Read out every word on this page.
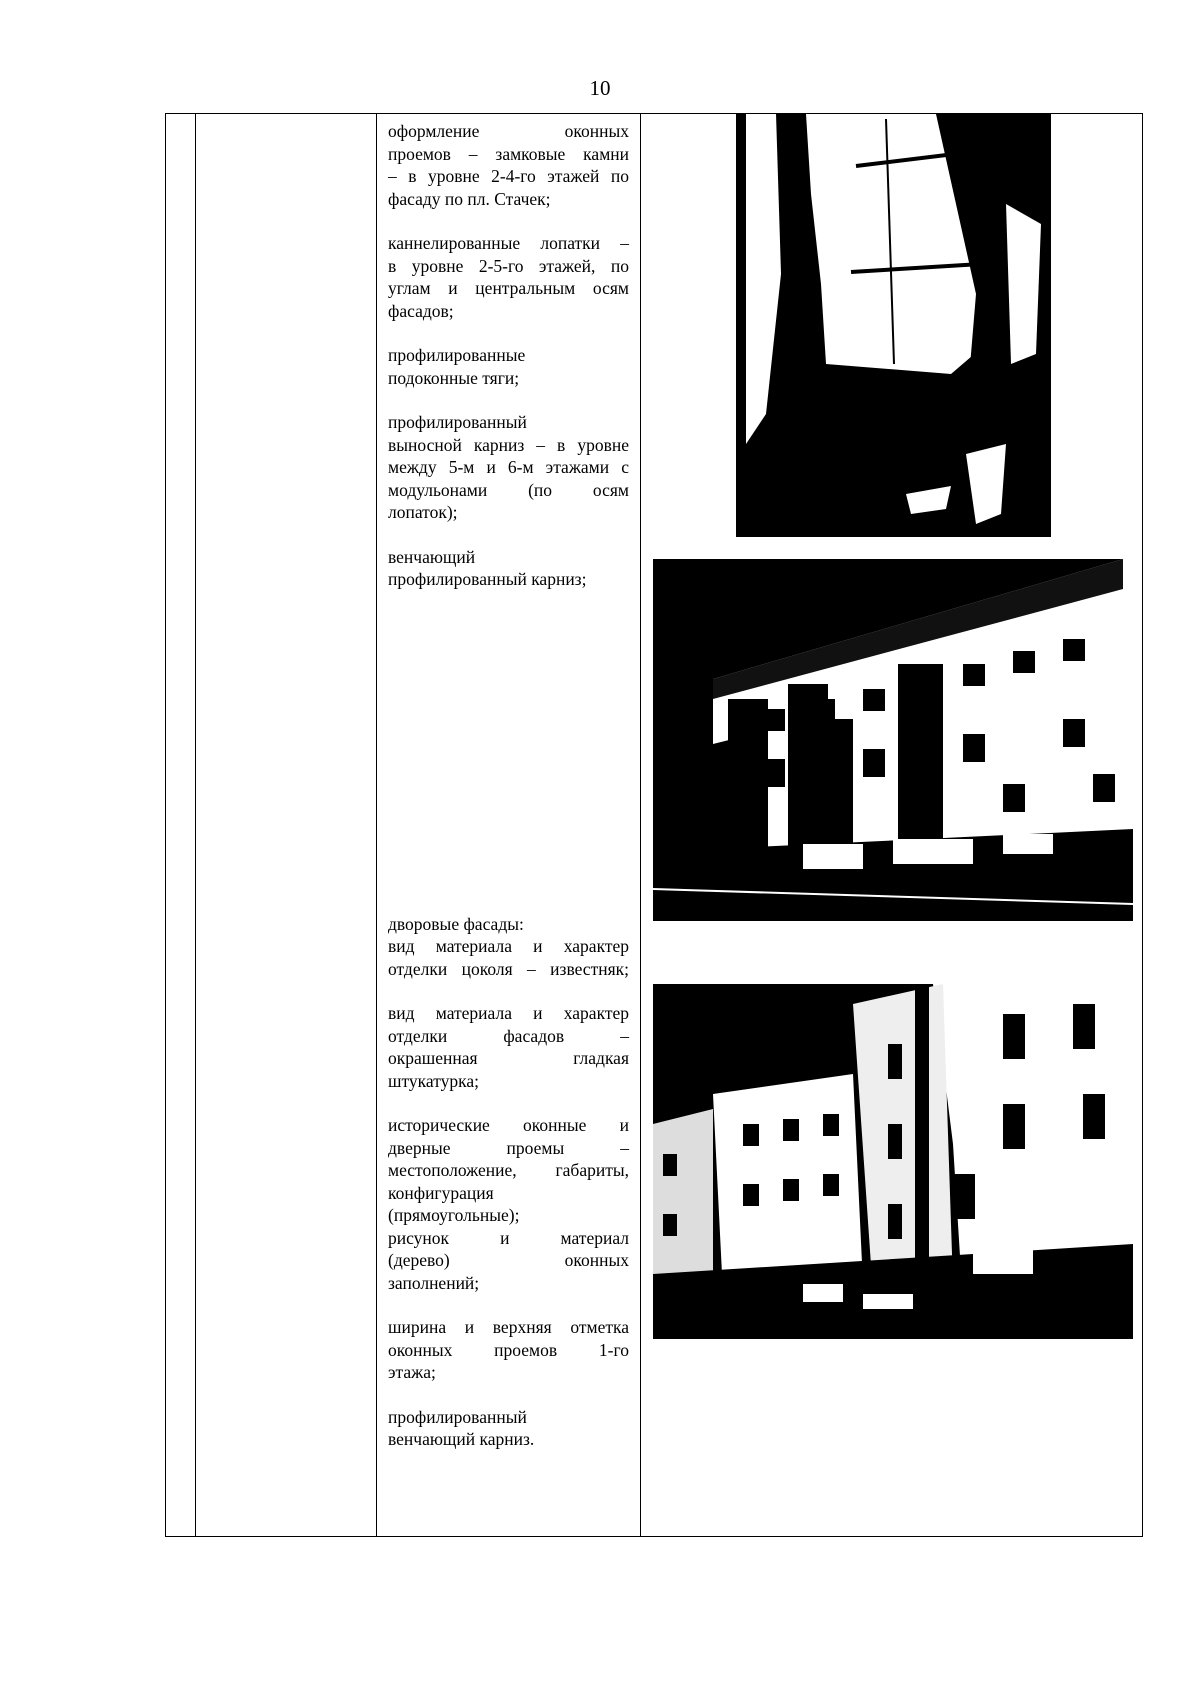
10

оформление	оконных
проемов – замковые камни
– в уровне 2-4-го этажей по
фасаду по пл. Стачек;
каннелированные лопатки –
в уровне 2-5-го этажей, по
углам и центральным осям
фасадов;
профилированные
подоконные тяги;
профилированный
выносной карниз – в уровне
между 5-м и 6-м этажами с
модульонами (по осям
лопаток);
венчающий
профилированный карниз;
дворовые фасады:
вид материала и характер
отделки цоколя – известняк;
вид материала и характер
отделки фасадов –
окрашенная гладкая
штукатурка;
исторические оконные и
дверные проемы –
местоположение, габариты,
конфигурация
(прямоугольные);
рисунок и материал
(дерево) оконных
заполнений;
ширина и верхняя отметка
оконных проемов 1-го
этажа;
профилированный
венчающий карниз.
